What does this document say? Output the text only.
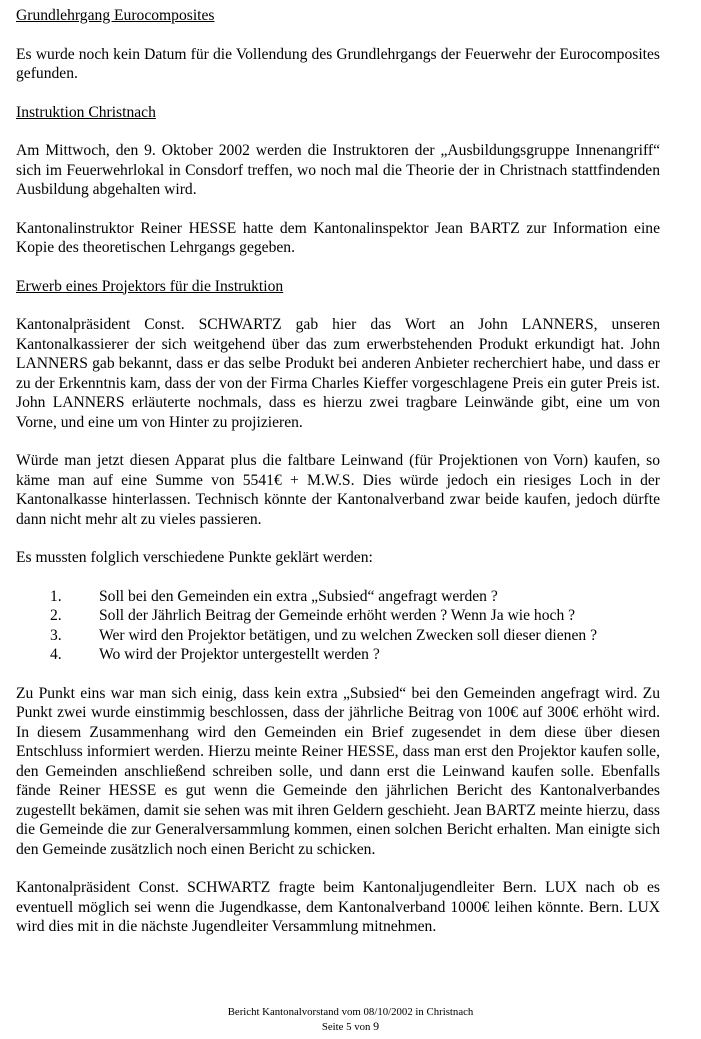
Grundlehrgang Eurocomposites

Es wurde noch kein Datum für die Vollendung des Grundlehrgangs der Feuerwehr der Eurocomposites gefunden.

Instruktion Christnach

Am Mittwoch, den 9. Oktober 2002 werden die Instruktoren der „Ausbildungsgruppe Innenangriff“ sich im Feuerwehrlokal in Consdorf treffen, wo noch mal die Theorie der in Christnach stattfindenden Ausbildung abgehalten wird.

Kantonalinstruktor Reiner HESSE hatte dem Kantonalinspektor Jean BARTZ zur Information eine Kopie des theoretischen Lehrgangs gegeben.

Erwerb eines Projektors für die Instruktion

Kantonalpräsident Const. SCHWARTZ gab hier das Wort an John LANNERS, unseren Kantonalkassierer der sich weitgehend über das zum erwerbstehenden Produkt erkundigt hat. John LANNERS gab bekannt, dass er das selbe Produkt bei anderen Anbieter recherchiert habe, und dass er zu der Erkenntnis kam, dass der von der Firma Charles Kieffer vorgeschlagene Preis ein guter Preis ist. John LANNERS erläuterte nochmals, dass es hierzu zwei tragbare Leinwände gibt, eine um von Vorne, und eine um von Hinter zu projizieren.

Würde man jetzt diesen Apparat plus die faltbare Leinwand (für Projektionen von Vorn) kaufen, so käme man auf eine Summe von 5541€ + M.W.S. Dies würde jedoch ein riesiges Loch in der Kantonalkasse hinterlassen. Technisch könnte der Kantonalverband zwar beide kaufen, jedoch dürfte dann nicht mehr alt zu vieles passieren.

Es mussten folglich verschiedene Punkte geklärt werden:

1. Soll bei den Gemeinden ein extra „Subsied“ angefragt werden ?
2. Soll der Jährlich Beitrag der Gemeinde erhöht werden ? Wenn Ja wie hoch ?
3. Wer wird den Projektor betätigen, und zu welchen Zwecken soll dieser dienen ?
4. Wo wird der Projektor untergestellt werden ?

Zu Punkt eins war man sich einig, dass kein extra „Subsied“ bei den Gemeinden angefragt wird. Zu Punkt zwei wurde einstimmig beschlossen, dass der jährliche Beitrag von 100€ auf 300€ erhöht wird. In diesem Zusammenhang wird den Gemeinden ein Brief zugesendet in dem diese über diesen Entschluss informiert werden. Hierzu meinte Reiner HESSE, dass man erst den Projektor kaufen solle, den Gemeinden anschließend schreiben solle, und dann erst die Leinwand kaufen solle. Ebenfalls fände Reiner HESSE es gut wenn die Gemeinde den jährlichen Bericht des Kantonalverbandes zugestellt bekämen, damit sie sehen was mit ihren Geldern geschieht. Jean BARTZ meinte hierzu, dass die Gemeinde die zur Generalversammlung kommen, einen solchen Bericht erhalten. Man einigte sich den Gemeinde zusätzlich noch einen Bericht zu schicken.

Kantonalpräsident Const. SCHWARTZ fragte beim Kantonaljugendleiter Bern. LUX nach ob es eventuell möglich sei wenn die Jugendkasse, dem Kantonalverband 1000€ leihen könnte. Bern. LUX wird dies mit in die nächste Jugendleiter Versammlung mitnehmen.

Bericht Kantonalvorstand vom 08/10/2002 in Christnach
Seite 5 von 9
